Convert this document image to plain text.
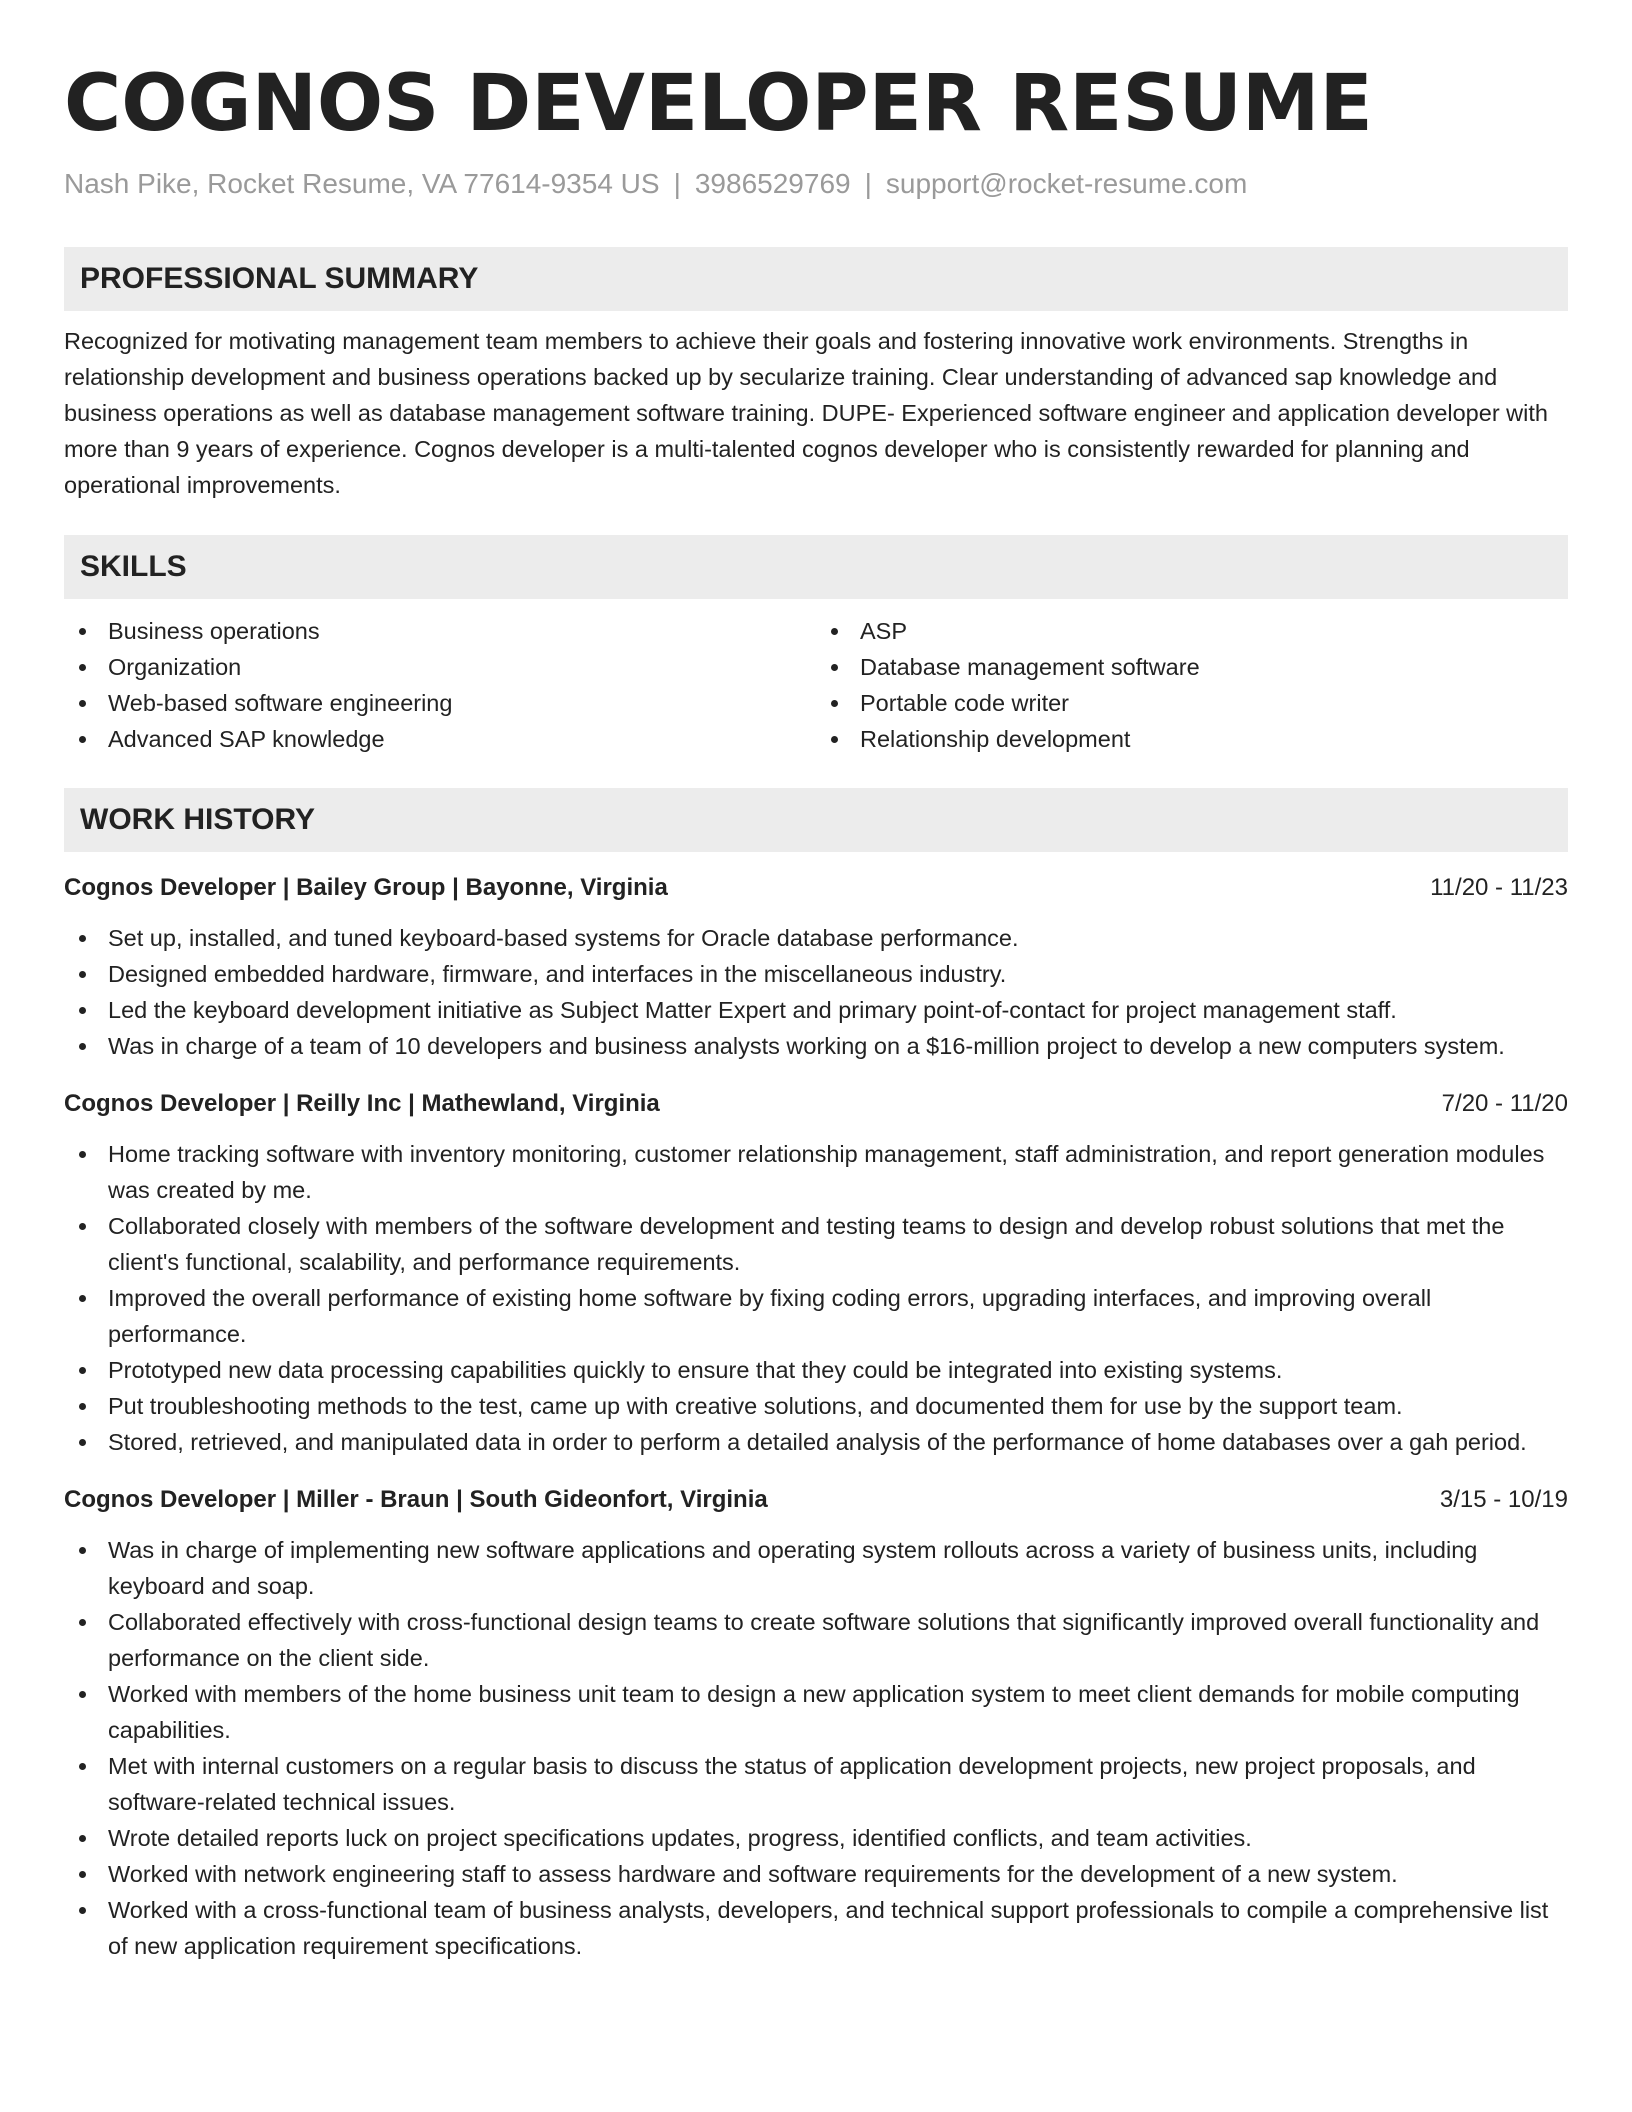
COGNOS DEVELOPER RESUME
Nash Pike, Rocket Resume, VA 77614-9354 US | 3986529769 | support@rocket-resume.com
PROFESSIONAL SUMMARY
Recognized for motivating management team members to achieve their goals and fostering innovative work environments. Strengths in relationship development and business operations backed up by secularize training. Clear understanding of advanced sap knowledge and business operations as well as database management software training. DUPE- Experienced software engineer and application developer with more than 9 years of experience. Cognos developer is a multi-talented cognos developer who is consistently rewarded for planning and operational improvements.
SKILLS
Business operations
Organization
Web-based software engineering
Advanced SAP knowledge
ASP
Database management software
Portable code writer
Relationship development
WORK HISTORY
Cognos Developer | Bailey Group | Bayonne, Virginia	11/20 - 11/23
Set up, installed, and tuned keyboard-based systems for Oracle database performance.
Designed embedded hardware, firmware, and interfaces in the miscellaneous industry.
Led the keyboard development initiative as Subject Matter Expert and primary point-of-contact for project management staff.
Was in charge of a team of 10 developers and business analysts working on a $16-million project to develop a new computers system.
Cognos Developer | Reilly Inc | Mathewland, Virginia	7/20 - 11/20
Home tracking software with inventory monitoring, customer relationship management, staff administration, and report generation modules was created by me.
Collaborated closely with members of the software development and testing teams to design and develop robust solutions that met the client's functional, scalability, and performance requirements.
Improved the overall performance of existing home software by fixing coding errors, upgrading interfaces, and improving overall performance.
Prototyped new data processing capabilities quickly to ensure that they could be integrated into existing systems.
Put troubleshooting methods to the test, came up with creative solutions, and documented them for use by the support team.
Stored, retrieved, and manipulated data in order to perform a detailed analysis of the performance of home databases over a gah period.
Cognos Developer | Miller - Braun | South Gideonfort, Virginia	3/15 - 10/19
Was in charge of implementing new software applications and operating system rollouts across a variety of business units, including keyboard and soap.
Collaborated effectively with cross-functional design teams to create software solutions that significantly improved overall functionality and performance on the client side.
Worked with members of the home business unit team to design a new application system to meet client demands for mobile computing capabilities.
Met with internal customers on a regular basis to discuss the status of application development projects, new project proposals, and software-related technical issues.
Wrote detailed reports luck on project specifications updates, progress, identified conflicts, and team activities.
Worked with network engineering staff to assess hardware and software requirements for the development of a new system.
Worked with a cross-functional team of business analysts, developers, and technical support professionals to compile a comprehensive list of new application requirement specifications.
